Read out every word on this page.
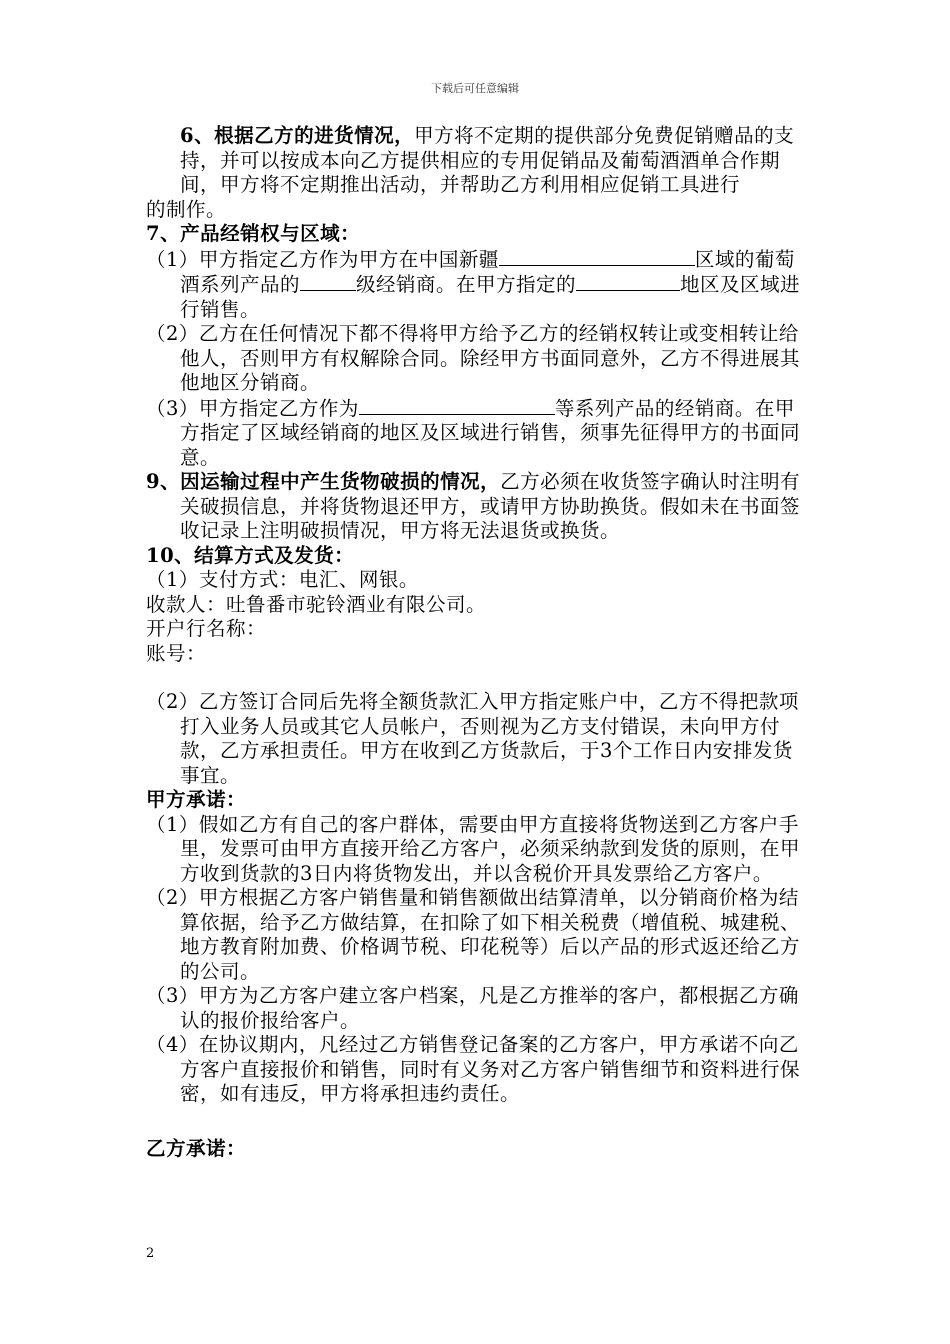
下载后可任意编辑

6、根据乙方的进货情况，甲方将不定期的提供部分免费促销赠品的支持，并可以按成本向乙方提供相应的专用促销品及葡萄酒酒单合作期间，甲方将不定期推出活动，并帮助乙方利用相应促销工具进行

的制作。

7、产品经销权与区域：

（1）甲方指定乙方作为甲方在中国新疆	区域的葡萄酒系列产品的	级经销商。在甲方指定的	地区及区域进行销售。

（2）乙方在任何情况下都不得将甲方给予乙方的经销权转让或变相转让给他人，否则甲方有权解除合同。除经甲方书面同意外，乙方不得进展其他地区分销商。

（3）甲方指定乙方作为	等系列产品的经销商。在甲方指定了区域经销商的地区及区域进行销售，须事先征得甲方的书面同意。

9、因运输过程中产生货物破损的情况，乙方必须在收货签字确认时注明有关破损信息，并将货物退还甲方，或请甲方协助换货。假如未在书面签收记录上注明破损情况，甲方将无法退货或换货。

10、结算方式及发货：

（1）支付方式：电汇、网银。

收款人：吐鲁番市驼铃酒业有限公司。

开户行名称：

账号：

（2）乙方签订合同后先将全额货款汇入甲方指定账户中，乙方不得把款项打入业务人员或其它人员帐户，否则视为乙方支付错误，未向甲方付款，乙方承担责任。甲方在收到乙方货款后，于3个工作日内安排发货事宜。

甲方承诺：

（1）假如乙方有自己的客户群体，需要由甲方直接将货物送到乙方客户手里，发票可由甲方直接开给乙方客户，必须采纳款到发货的原则，在甲方收到货款的3日内将货物发出，并以含税价开具发票给乙方客户。

（2）甲方根据乙方客户销售量和销售额做出结算清单，以分销商价格为结算依据，给予乙方做结算，在扣除了如下相关税费（增值税、城建税、地方教育附加费、价格调节税、印花税等）后以产品的形式返还给乙方的公司。

（3）甲方为乙方客户建立客户档案，凡是乙方推举的客户，都根据乙方确认的报价报给客户。

（4）在协议期内，凡经过乙方销售登记备案的乙方客户，甲方承诺不向乙方客户直接报价和销售，同时有义务对乙方客户销售细节和资料进行保密，如有违反，甲方将承担违约责任。

乙方承诺：

2
